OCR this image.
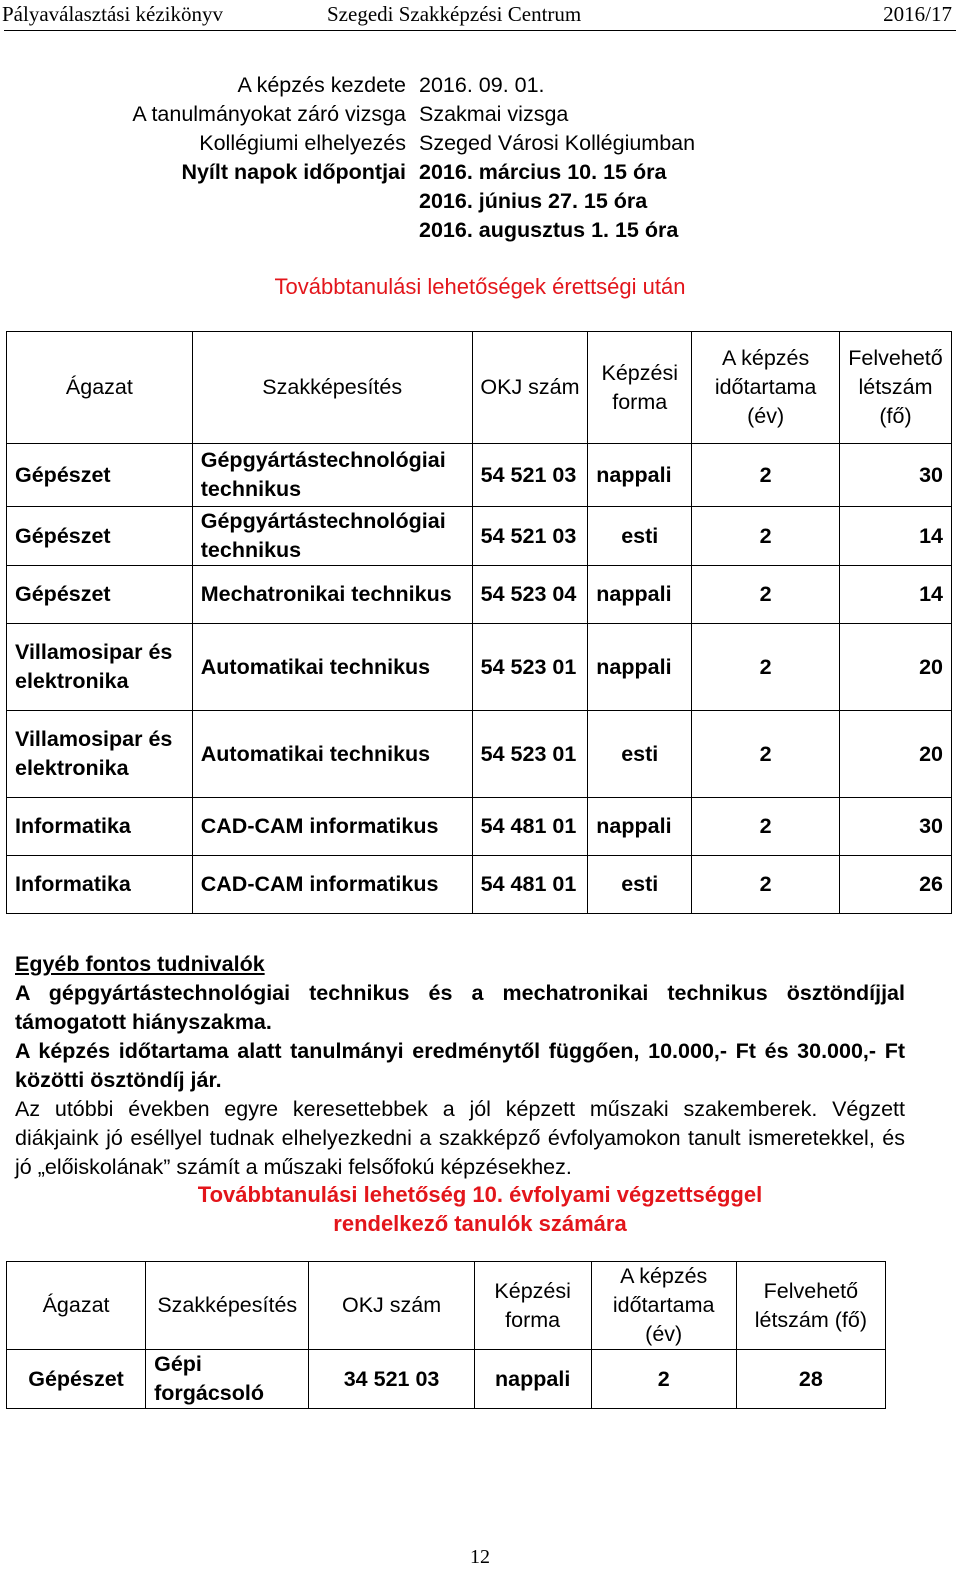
Pályaválasztási kézikönyv	Szegedi Szakképzési Centrum	2016/17
A képzés kezdete 2016. 09. 01.
A tanulmányokat záró vizsga Szakmai vizsga
Kollégiumi elhelyezés Szeged Városi Kollégiumban
Nyílt napok időpontjai 2016. március 10. 15 óra
2016. június 27. 15 óra
2016. augusztus 1. 15 óra
Továbbtanulási lehetőségek érettségi után
Ágazat	Szakképesítés	OKJ szám	Képzési forma	A képzés időtartama (év)	Felvehető létszám (fő)
Gépészet	Gépgyártástechnológiai technikus	54 521 03	nappali	2	30
Gépészet	Gépgyártástechnológiai technikus	54 521 03	esti	2	14
Gépészet	Mechatronikai technikus	54 523 04	nappali	2	14
Villamosipar és elektronika	Automatikai technikus	54 523 01	nappali	2	20
Villamosipar és elektronika	Automatikai technikus	54 523 01	esti	2	20
Informatika	CAD-CAM informatikus	54 481 01	nappali	2	30
Informatika	CAD-CAM informatikus	54 481 01	esti	2	26

Egyéb fontos tudnivalók

A gépgyártástechnológiai technikus és a mechatronikai technikus ösztöndíjjal támogatott hiányszakma.

A képzés időtartama alatt tanulmányi eredménytől függően, 10.000,- Ft és 30.000,- Ft közötti ösztöndíj jár.

Az utóbbi években egyre keresettebbek a jól képzett műszaki szakemberek. Végzett diákjaink jó eséllyel tudnak elhelyezkedni a szakképző évfolyamokon tanult ismeretekkel, és jó „előiskolának” számít a műszaki felsőfokú képzésekhez.

Továbbtanulási lehetőség 10. évfolyami végzettséggel
rendelkező tanulók számára
Ágazat	Szakképesítés	OKJ szám	Képzési forma	A képzés időtartama (év)	Felvehető létszám (fő)
Gépészet	Gépi forgácsoló	34 521 03	nappali	2	28
12
